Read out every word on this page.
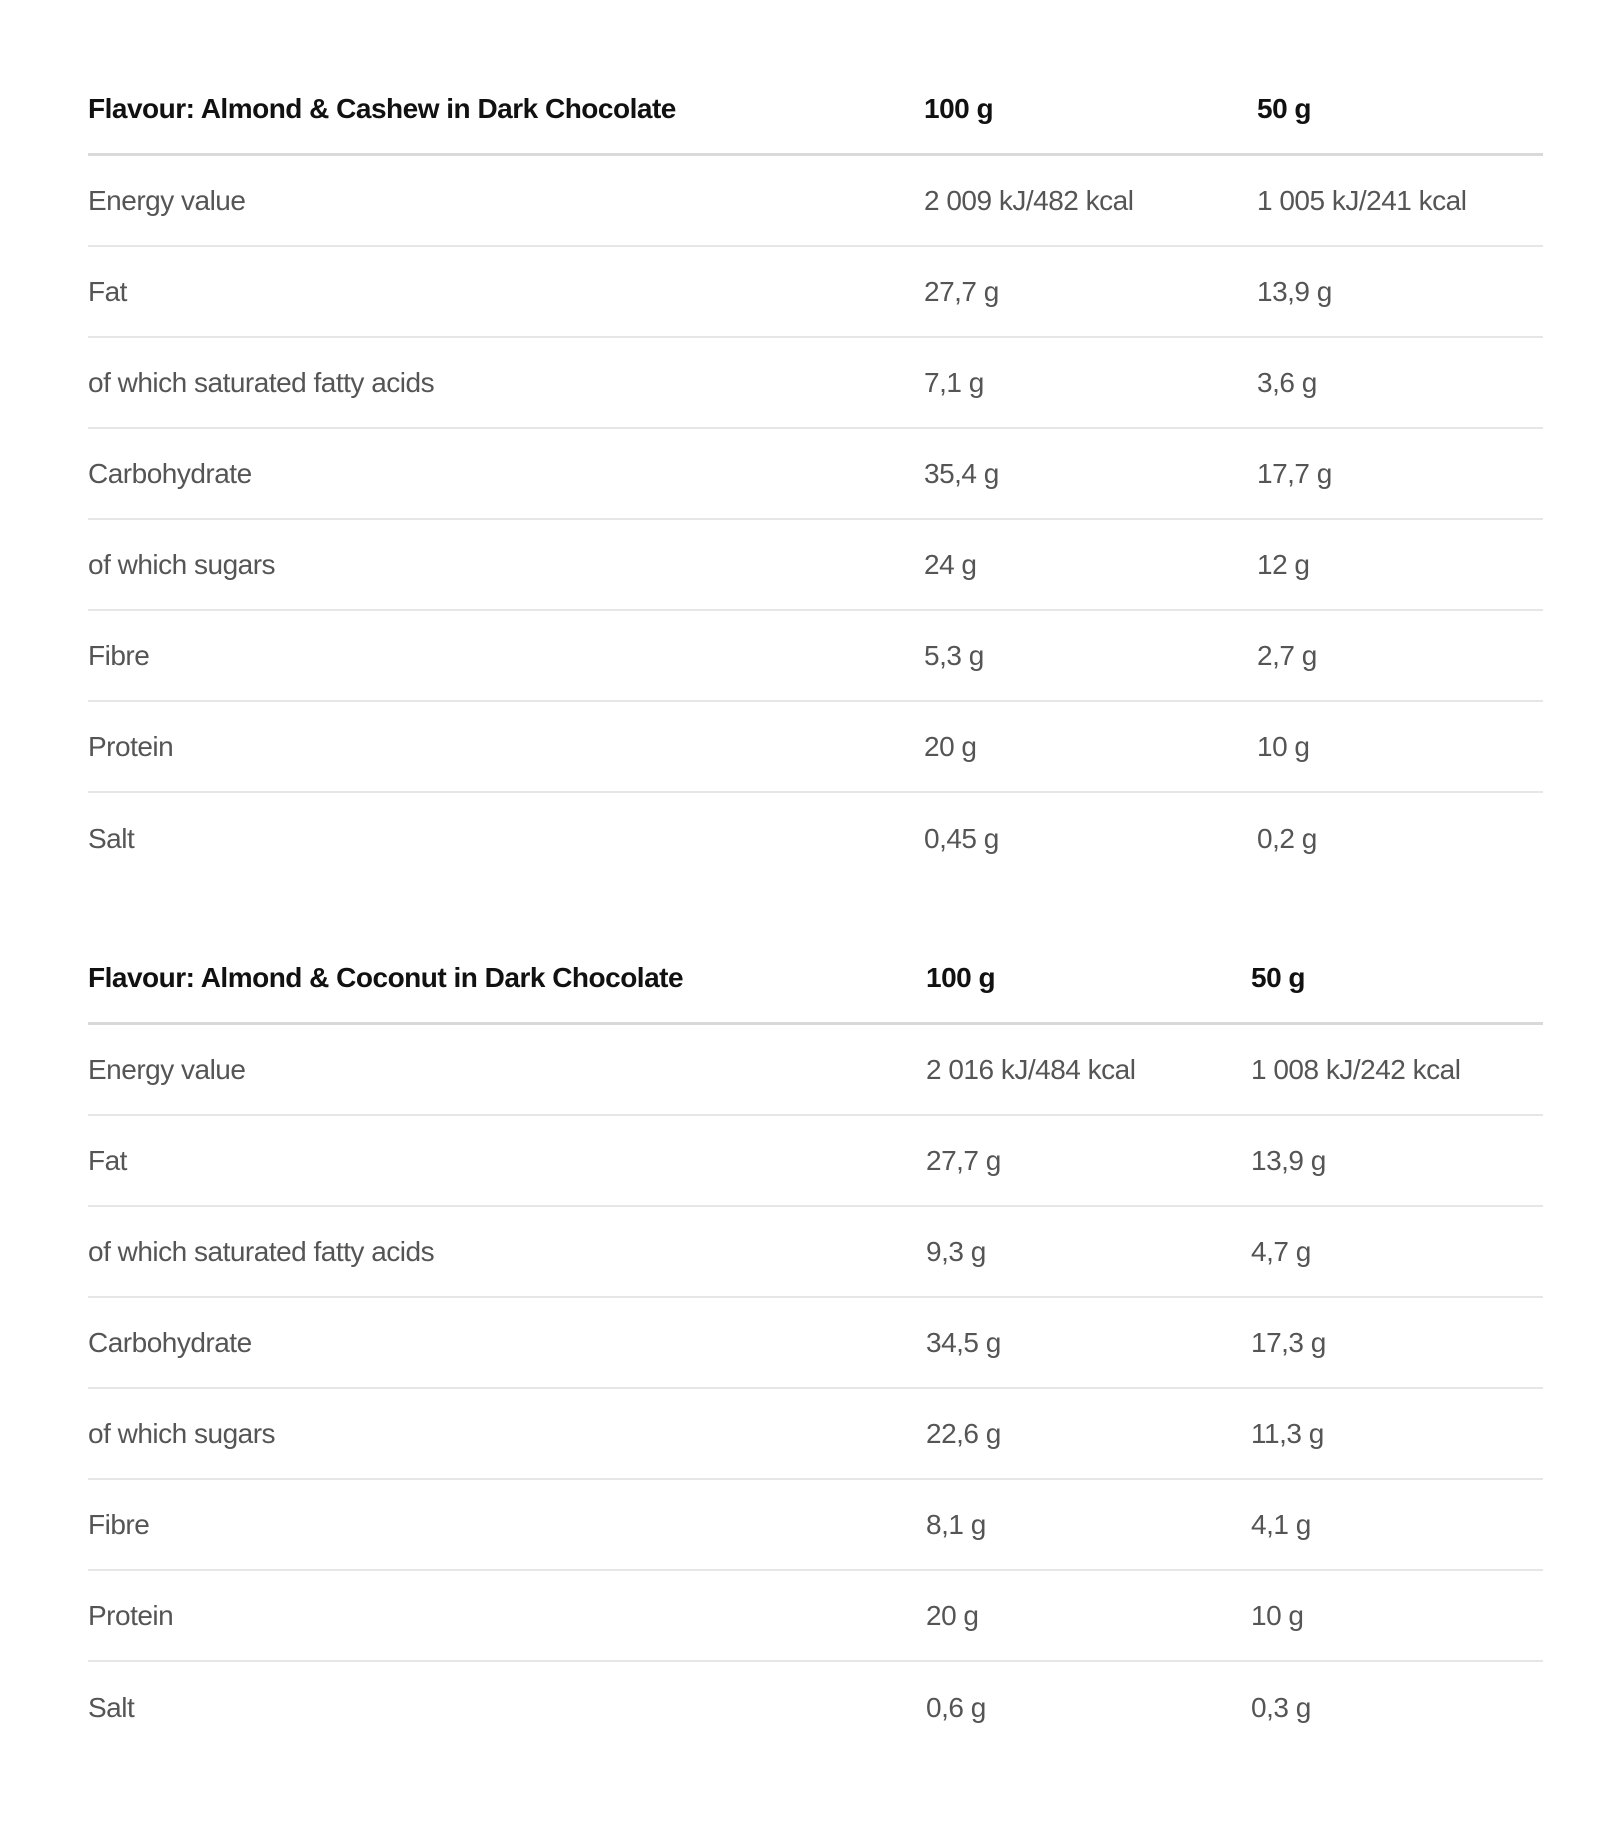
Flavour: Almond & Cashew in Dark Chocolate	100 g	50 g
Energy value	2 009 kJ/482 kcal	1 005 kJ/241 kcal
Fat	27,7 g	13,9 g
of which saturated fatty acids	7,1 g	3,6 g
Carbohydrate	35,4 g	17,7 g
of which sugars	24 g	12 g
Fibre	5,3 g	2,7 g
Protein	20 g	10 g
Salt	0,45 g	0,2 g
Flavour: Almond & Coconut in Dark Chocolate	100 g	50 g
Energy value	2 016 kJ/484 kcal	1 008 kJ/242 kcal
Fat	27,7 g	13,9 g
of which saturated fatty acids	9,3 g	4,7 g
Carbohydrate	34,5 g	17,3 g
of which sugars	22,6 g	11,3 g
Fibre	8,1 g	4,1 g
Protein	20 g	10 g
Salt	0,6 g	0,3 g
